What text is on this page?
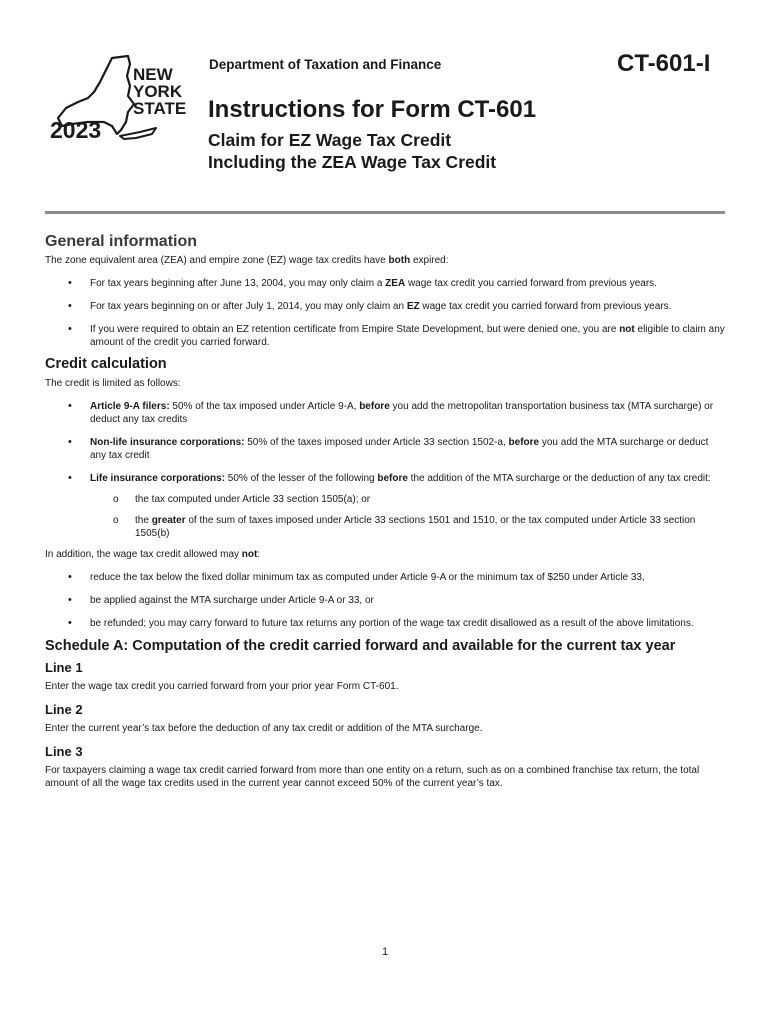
NEW
YORK
STATE
2023
Department of Taxation and Finance	CT-601-I
Instructions for Form CT-601
Claim for EZ Wage Tax Credit
Including the ZEA Wage Tax Credit
General information

The zone equivalent area (ZEA) and empire zone (EZ) wage tax credits have both expired:

• For tax years beginning after June 13, 2004, you may only claim a ZEA wage tax credit you carried forward from previous years.
• For tax years beginning on or after July 1, 2014, you may only claim an EZ wage tax credit you carried forward from previous years.
• If you were required to obtain an EZ retention certificate from Empire State Development, but were denied one, you are not eligible to claim any amount of the credit you carried forward.
Credit calculation

The credit is limited as follows:

• Article 9-A filers: 50% of the tax imposed under Article 9-A, before you add the metropolitan transportation business tax (MTA surcharge) or deduct any tax credits
• Non-life insurance corporations: 50% of the taxes imposed under Article 33 section 1502-a, before you add the MTA surcharge or deduct any tax credit
• Life insurance corporations: 50% of the lesser of the following before the addition of the MTA surcharge or the deduction of any tax credit:
o the tax computed under Article 33 section 1505(a); or
o the greater of the sum of taxes imposed under Article 33 sections 1501 and 1510, or the tax computed under Article 33 section 1505(b)

In addition, the wage tax credit allowed may not:

• reduce the tax below the fixed dollar minimum tax as computed under Article 9-A or the minimum tax of $250 under Article 33,
• be applied against the MTA surcharge under Article 9-A or 33, or
• be refunded; you may carry forward to future tax returns any portion of the wage tax credit disallowed as a result of the above limitations.
Schedule A: Computation of the credit carried forward and available for the current tax year
Line 1

Enter the wage tax credit you carried forward from your prior year Form CT-601.

Line 2

Enter the current year’s tax before the deduction of any tax credit or addition of the MTA surcharge.

Line 3

For taxpayers claiming a wage tax credit carried forward from more than one entity on a return, such as on a combined franchise tax return, the total amount of all the wage tax credits used in the current year cannot exceed 50% of the current year’s tax.

1
